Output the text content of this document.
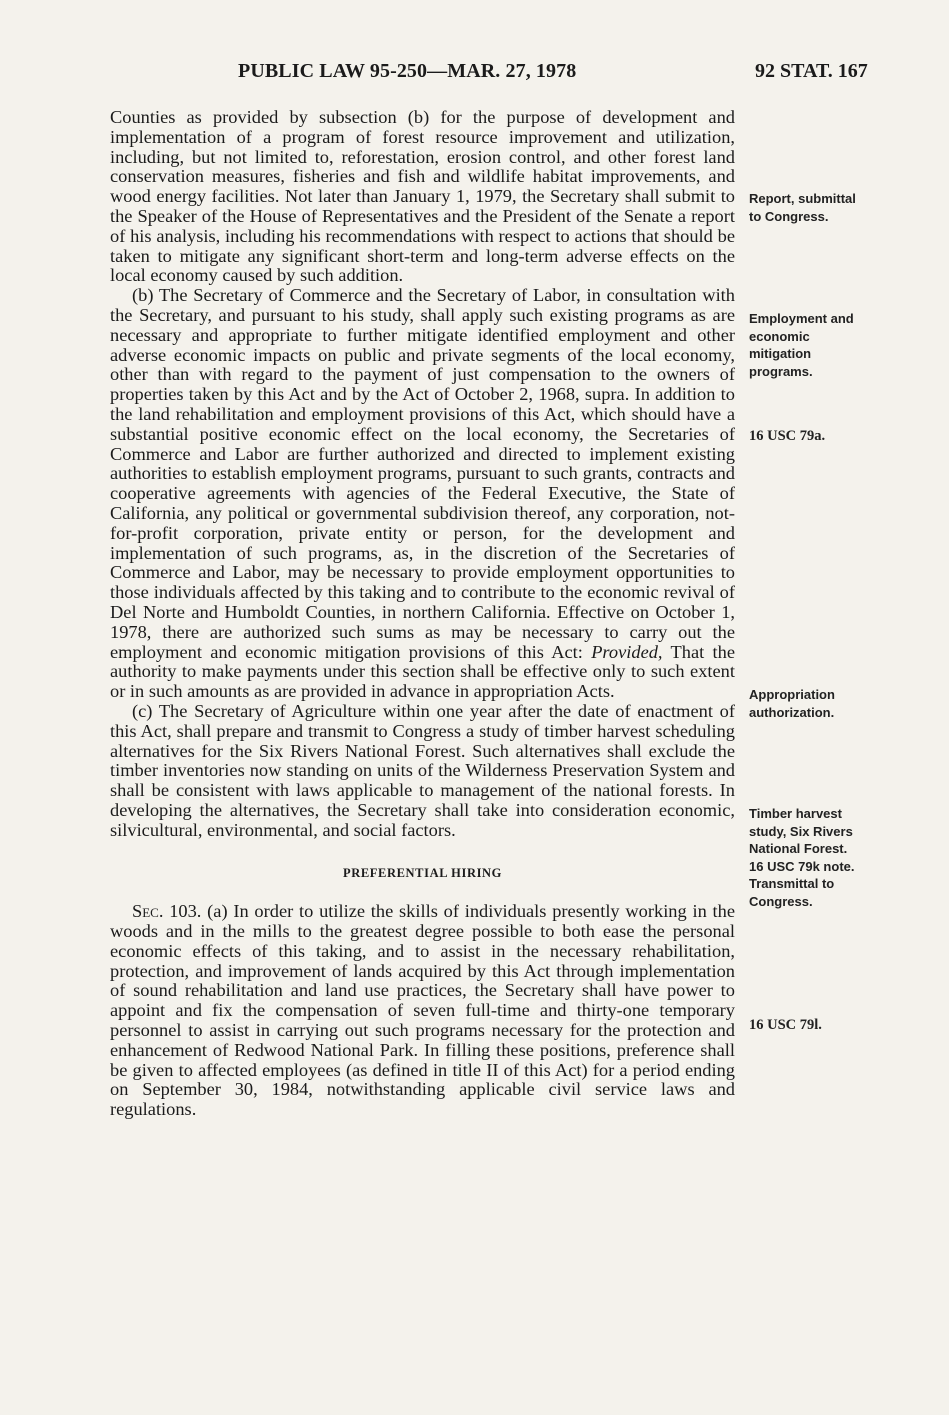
PUBLIC LAW 95-250—MAR. 27, 1978	92 STAT. 167

Counties as provided by subsection (b) for the purpose of development and implementation of a program of forest resource improvement and utilization, including, but not limited to, reforestation, erosion control, and other forest land conservation measures, fisheries and fish and wildlife habitat improvements, and wood energy facilities. Not later than January 1, 1979, the Secretary shall submit to the Speaker of the House of Representatives and the President of the Senate a report of his analysis, including his recommendations with respect to actions that should be taken to mitigate any significant short-term and long-term adverse effects on the local economy caused by such addition.

(b) The Secretary of Commerce and the Secretary of Labor, in consultation with the Secretary, and pursuant to his study, shall apply such existing programs as are necessary and appropriate to further mitigate identified employment and other adverse economic impacts on public and private segments of the local economy, other than with regard to the payment of just compensation to the owners of properties taken by this Act and by the Act of October 2, 1968, supra. In addition to the land rehabilitation and employment provisions of this Act, which should have a substantial positive economic effect on the local economy, the Secretaries of Commerce and Labor are further authorized and directed to implement existing authorities to establish employment programs, pursuant to such grants, contracts and cooperative agreements with agencies of the Federal Executive, the State of California, any political or governmental subdivision thereof, any corporation, not-for-profit corporation, private entity or person, for the development and implementation of such programs, as, in the discretion of the Secretaries of Commerce and Labor, may be necessary to provide employment opportunities to those individuals affected by this taking and to contribute to the economic revival of Del Norte and Humboldt Counties, in northern California. Effective on October 1, 1978, there are authorized such sums as may be necessary to carry out the employment and economic mitigation provisions of this Act: Provided, That the authority to make payments under this section shall be effective only to such extent or in such amounts as are provided in advance in appropriation Acts.

(c) The Secretary of Agriculture within one year after the date of enactment of this Act, shall prepare and transmit to Congress a study of timber harvest scheduling alternatives for the Six Rivers National Forest. Such alternatives shall exclude the timber inventories now standing on units of the Wilderness Preservation System and shall be consistent with laws applicable to management of the national forests. In developing the alternatives, the Secretary shall take into consideration economic, silvicultural, environmental, and social factors.

PREFERENTIAL HIRING

Sec. 103. (a) In order to utilize the skills of individuals presently working in the woods and in the mills to the greatest degree possible to both ease the personal economic effects of this taking, and to assist in the necessary rehabilitation, protection, and improvement of lands acquired by this Act through implementation of sound rehabilitation and land use practices, the Secretary shall have power to appoint and fix the compensation of seven full-time and thirty-one temporary personnel to assist in carrying out such programs necessary for the protection and enhancement of Redwood National Park. In filling these positions, preference shall be given to affected employees (as defined in title II of this Act) for a period ending on September 30, 1984, notwithstanding applicable civil service laws and regulations.

Report, submittal
to Congress.
Employment and
economic
mitigation
programs.
16 USC 79a.
Appropriation
authorization.
Timber harvest
study, Six Rivers
National Forest.
16 USC 79k note.
Transmittal to
Congress.
16 USC 79l.
